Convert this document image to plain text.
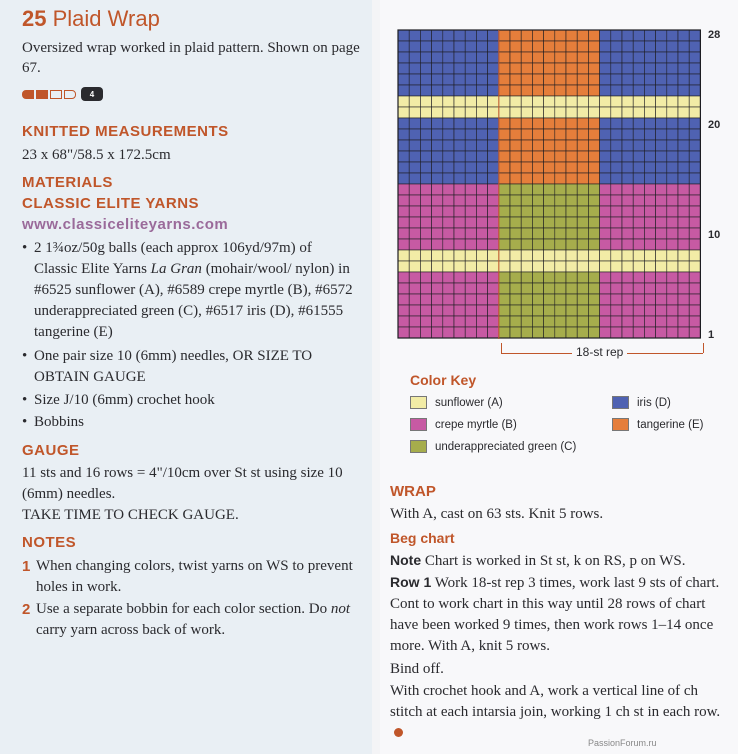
25 Plaid Wrap
Oversized wrap worked in plaid pattern. Shown on page 67.
4
KNITTED MEASUREMENTS
23 x 68"/58.5 x 172.5cm
MATERIALS
CLASSIC ELITE YARNS
www.classiceliteyarns.com
• 2 1¾oz/50g balls (each approx 106yd/97m) of Classic Elite Yarns La Gran (mohair/wool/ nylon) in #6525 sunflower (A), #6589 crepe myrtle (B), #6572 underappreciated green (C), #6517 iris (D), #61555 tangerine (E)
• One pair size 10 (6mm) needles, OR SIZE TO OBTAIN GAUGE
• Size J/10 (6mm) crochet hook
• Bobbins
GAUGE
11 sts and 16 rows = 4"/10cm over St st using size 10 (6mm) needles.
TAKE TIME TO CHECK GAUGE.
NOTES
1 When changing colors, twist yarns on WS to prevent holes in work.
2 Use a separate bobbin for each color section. Do not carry yarn across back of work.
28
20
10
1
18-st rep
Color Key
sunflower (A)
crepe myrtle (B)
underappreciated green (C)
iris (D)
tangerine (E)
WRAP
With A, cast on 63 sts. Knit 5 rows.
Beg chart
Note Chart is worked in St st, k on RS, p on WS.
Row 1 Work 18-st rep 3 times, work last 9 sts of chart. Cont to work chart in this way until 28 rows of chart have been worked 9 times, then work rows 1–14 once more. With A, knit 5 rows.
Bind off.
With crochet hook and A, work a vertical line of ch stitch at each intarsia join, working 1 ch st in each row.
PassionForum.ru
